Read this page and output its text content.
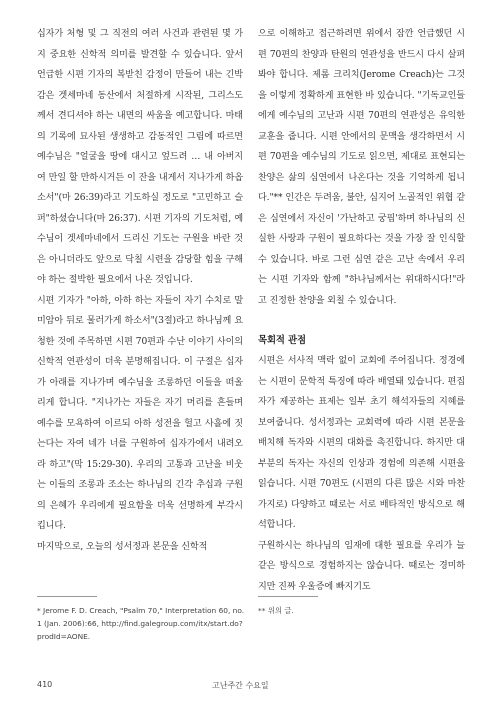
십자가 처형 및 그 직전의 여러 사건과 관련된 몇 가지 중요한 신학적 의미를 발견할 수 있습니다. 앞서 언급한 시편 기자의 복받친 감정이 만들어 내는 긴박감은 겟세마네 동산에서 처절하게 시작된, 그리스도께서 견디셔야 하는 내면의 싸움을 예고합니다. 마태의 기록에 묘사된 생생하고 감동적인 그림에 따르면 예수님은 "얼굴을 땅에 대시고 엎드려 … 내 아버지여 만일 할 만하시거든 이 잔을 내게서 지나가게 하옵소서"(마 26:39)라고 기도하실 정도로 "고민하고 슬퍼"하셨습니다(마 26:37). 시편 기자의 기도처럼, 예수님이 겟세마네에서 드리신 기도는 구원을 바란 것은 아니더라도 앞으로 닥칠 시련을 감당할 힘을 구해야 하는 절박한 필요에서 나온 것입니다.

시편 기자가 "아하, 아하 하는 자들이 자기 수치로 말미암아 뒤로 물러가게 하소서"(3절)라고 하나님께 요청한 것에 주목하면 시편 70편과 수난 이야기 사이의 신학적 연관성이 더욱 분명해집니다. 이 구절은 십자가 아래를 지나가며 예수님을 조롱하던 이들을 떠올리게 합니다. "지나가는 자들은 자기 머리를 흔들며 예수를 모욕하여 이르되 아하 성전을 헐고 사흘에 짓는다는 자여 네가 너를 구원하여 십자가에서 내려오라 하고"(막 15:29-30). 우리의 고통과 고난을 비웃는 이들의 조롱과 조소는 하나님의 긴각 추십과 구원의 은혜가 우리에게 필요함을 더욱 선명하게 부각시킵니다.

마지막으로, 오늘의 성서정과 본문을 신학적

으로 이해하고 접근하려면 위에서 잠깐 언급했던 시편 70편의 찬양과 탄원의 연관성을 반드시 다시 살펴봐야 합니다. 제롬 크리치(Jerome Creach)는 그것을 이렇게 정확하게 표현한 바 있습니다. "기독교인들에게 예수님의 고난과 시편 70편의 연관성은 유익한 교훈을 줍니다. 시편 안에서의 문맥을 생각하면서 시편 70편을 예수님의 기도로 읽으면, 제대로 표현되는 찬양은 삶의 심연에서 나온다는 것을 기억하게 됩니다."** 인간은 두려움, 불안, 심지어 노골적인 위협 같은 심연에서 자신이 '가난하고 궁핍'하며 하나님의 신실한 사랑과 구원이 필요하다는 것을 가장 잘 인식할 수 있습니다. 바로 그런 심연 같은 고난 속에서 우리는 시편 기자와 함께 "하나님께서는 위대하시다!"라고 진정한 찬양을 외칠 수 있습니다.

목회적 관점

시편은 서사적 맥락 없이 교회에 주어집니다. 정경에는 시편이 문학적 특징에 따라 배열돼 있습니다. 편집자가 제공하는 표제는 일부 초기 해석자들의 지혜를 보여줍니다. 성서정과는 교회력에 따라 시편 본문을 배치해 독자와 시편의 대화를 촉진합니다. 하지만 대부분의 독자는 자신의 인상과 경험에 의존해 시편을 읽습니다. 시편 70편도 (시편의 다른 많은 시와 마찬가지로) 다양하고 때로는 서로 배타적인 방식으로 해석합니다.

구원하시는 하나님의 임재에 대한 필요를 우리가 늘 같은 방식으로 경험하지는 않습니다. 때로는 경미하지만 진짜 우울증에 빠지기도

* Jerome F. D. Creach, "Psalm 70," Interpretation 60, no. 1 (Jan. 2006):66, http://find.galegroup.com/itx/start.do?prodId=AONE.
** 위의 글.
410	고난주간 수요일
